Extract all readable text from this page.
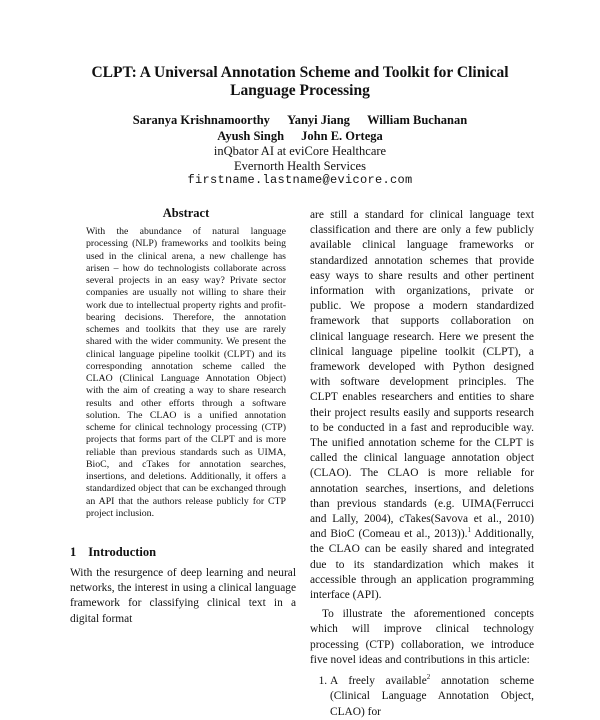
CLPT: A Universal Annotation Scheme and Toolkit for Clinical Language Processing
Saranya Krishnamoorthy Yanyi Jiang William Buchanan
Ayush Singh John E. Ortega
inQbator AI at eviCore Healthcare
Evernorth Health Services
firstname.lastname@evicore.com
Abstract
With the abundance of natural language processing (NLP) frameworks and toolkits being used in the clinical arena, a new challenge has arisen – how do technologists collaborate across several projects in an easy way? Private sector companies are usually not willing to share their work due to intellectual property rights and profit-bearing decisions. Therefore, the annotation schemes and toolkits that they use are rarely shared with the wider community. We present the clinical language pipeline toolkit (CLPT) and its corresponding annotation scheme called the CLAO (Clinical Language Annotation Object) with the aim of creating a way to share research results and other efforts through a software solution. The CLAO is a unified annotation scheme for clinical technology processing (CTP) projects that forms part of the CLPT and is more reliable than previous standards such as UIMA, BioC, and cTakes for annotation searches, insertions, and deletions. Additionally, it offers a standardized object that can be exchanged through an API that the authors release publicly for CTP project inclusion.
1 Introduction
With the resurgence of deep learning and neural networks, the interest in using a clinical language framework for classifying clinical text in a digital format

are still a standard for clinical language text classification and there are only a few publicly available clinical language frameworks or standardized annotation schemes that provide easy ways to share results and other pertinent information with organizations, private or public. We propose a modern standardized framework that supports collaboration on clinical language research. Here we present the clinical language pipeline toolkit (CLPT), a framework developed with Python designed with software development principles. The CLPT enables researchers and entities to share their project results easily and supports research to be conducted in a fast and reproducible way. The unified annotation scheme for the CLPT is called the clinical language annotation object (CLAO). The CLAO is more reliable for annotation searches, insertions, and deletions than previous standards (e.g. UIMA(Ferrucci and Lally, 2004), cTakes(Savova et al., 2010) and BioC (Comeau et al., 2013)).$^1$ Additionally, the CLAO can be easily shared and integrated due to its standardization which makes it accessible through an application programming interface (API).

To illustrate the aforementioned concepts which will improve clinical technology processing (CTP) collaboration, we introduce five novel ideas and contributions in this article:

1. A freely available$^2$ annotation scheme (Clinical Language Annotation Object, CLAO) for
